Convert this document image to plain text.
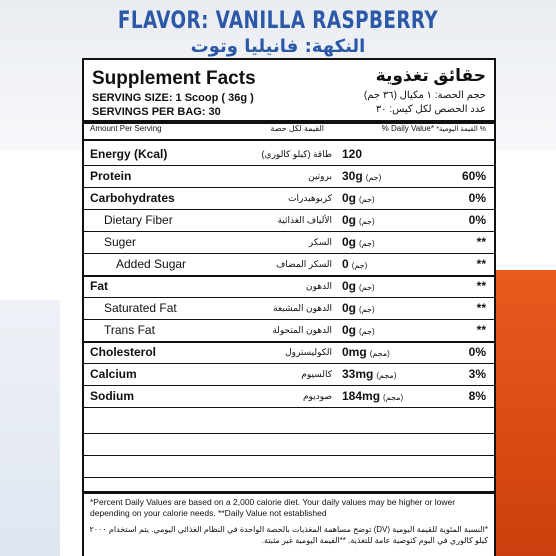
FLAVOR: VANILLA RASPBERRY
النكهة: فانيليا وتوت
Supplement Facts
SERVING SIZE: 1 Scoop ( 36g )
SERVINGS PER BAG: 30
حقائق تغذوية
حجم الحصة: ١ مكيال (٣٦ جم)
عدد الحصص لكل كيس: ٣٠
Amount Per Serving	القيمة لكل حصة	% Daily Value* *القيمة اليومية %
Energy (Kcal)	طاقة (كيلو كالوري) 120
Protein	بروتين 30g (جم)	60%
Carbohydrates	كربوهيدرات 0g (جم)	0%
Dietary Fiber	الألياف الغذائية 0g (جم)	0%
Suger	السكر 0g (جم)	**
Added Sugar	السكر المضاف 0 (جم)	**
Fat	الدهون 0g (جم)	**
Saturated Fat	الدهون المشبعة 0g (جم)	**
Trans Fat	الدهون المتحولة 0g (جم)	**
Cholesterol	الكوليسترول 0mg (مجم)	0%
Calcium	كالسيوم 33mg (مجم)	3%
Sodium	صوديوم 184mg (مجم)	8%
*Percent Daily Values are based on a 2,000 calorie diet. Your daily values may be higher or lower depending on your calorie needs. **Daily Value not established
*النسبة المئوية للقيمة اليومية (DV) توضح مساهمة المغذيات بالحصة الواحدة في النظام الغذائي اليومي. يتم استخدام ٢٠٠٠ كيلو كالوري في اليوم كتوصية عامة للتغذية. **القيمة اليومية غير مثبتة.
